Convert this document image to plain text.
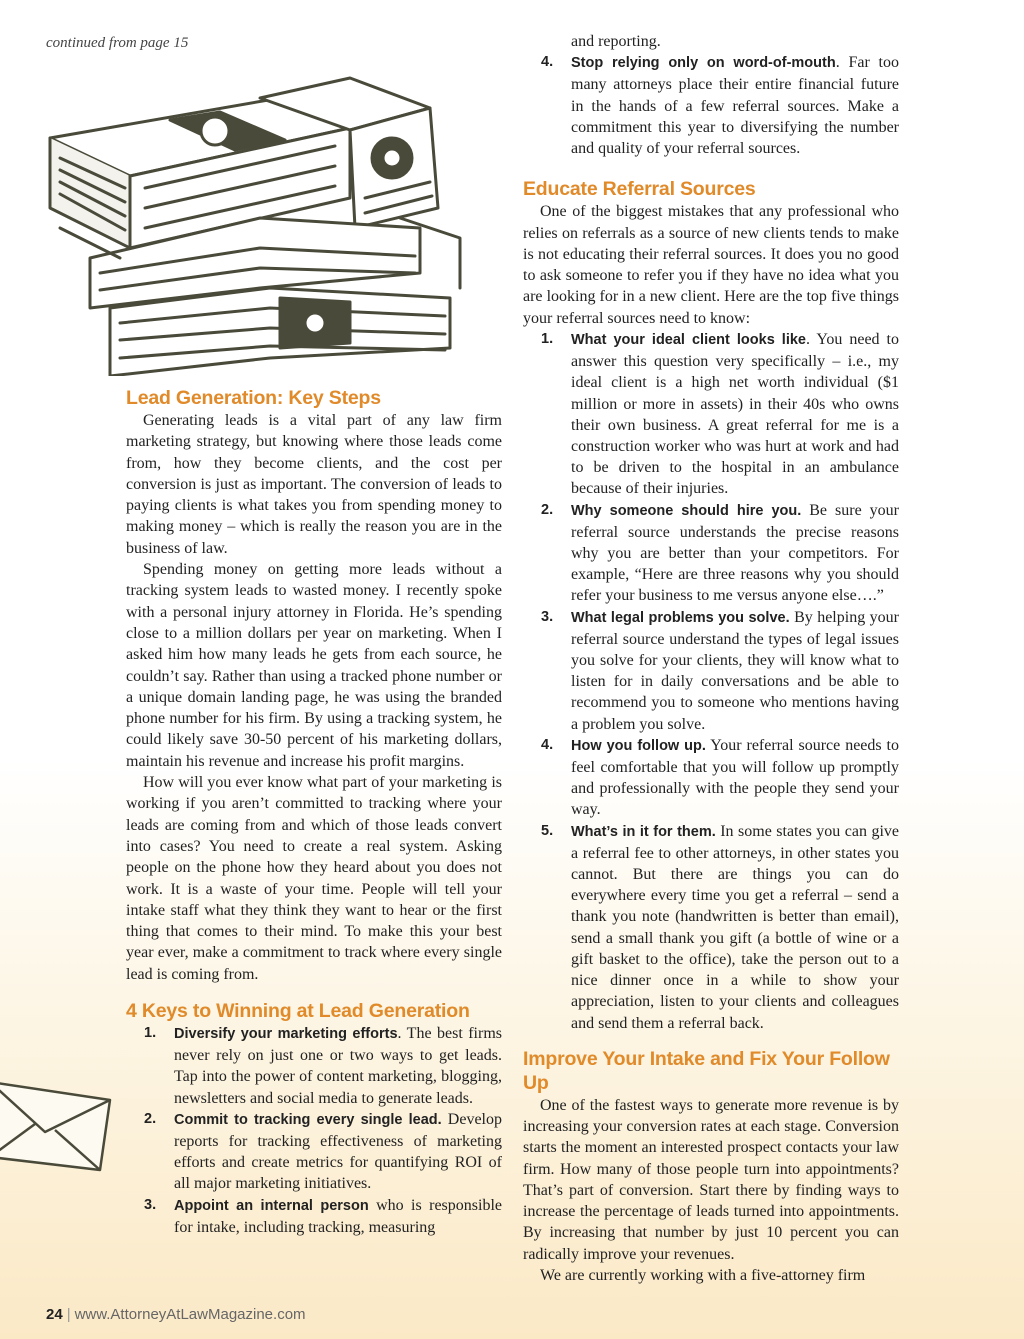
continued from page 15
Lead Generation: Key Steps

Generating leads is a vital part of any law firm marketing strategy, but knowing where those leads come from, how they become clients, and the cost per conversion is just as important. The conversion of leads to paying clients is what takes you from spending money to making money – which is really the reason you are in the business of law.

Spending money on getting more leads without a tracking system leads to wasted money. I recently spoke with a personal injury attorney in Florida. He’s spending close to a million dollars per year on marketing. When I asked him how many leads he gets from each source, he couldn’t say. Rather than using a tracked phone number or a unique domain landing page, he was using the branded phone number for his firm. By using a tracking system, he could likely save 30-50 percent of his marketing dollars, maintain his revenue and increase his profit margins.

How will you ever know what part of your marketing is working if you aren’t committed to tracking where your leads are coming from and which of those leads convert into cases? You need to create a real system. Asking people on the phone how they heard about you does not work. It is a waste of your time. People will tell your intake staff what they think they want to hear or the first thing that comes to their mind. To make this your best year ever, make a commitment to track where every single lead is coming from.

4 Keys to Winning at Lead Generation
1. Diversify your marketing efforts. The best firms never rely on just one or two ways to get leads. Tap into the power of content marketing, blogging, newsletters and social media to generate leads.
2. Commit to tracking every single lead. Develop reports for tracking effectiveness of marketing efforts and create metrics for quantifying ROI of all major marketing initiatives.
3. Appoint an internal person who is responsible for intake, including tracking, measuring
and reporting.
4. Stop relying only on word-of-mouth. Far too many attorneys place their entire financial future in the hands of a few referral sources. Make a commitment this year to diversifying the number and quality of your referral sources.
Educate Referral Sources

One of the biggest mistakes that any professional who relies on referrals as a source of new clients tends to make is not educating their referral sources. It does you no good to ask someone to refer you if they have no idea what you are looking for in a new client. Here are the top five things your referral sources need to know:

1. What your ideal client looks like. You need to answer this question very specifically – i.e., my ideal client is a high net worth individual ($1 million or more in assets) in their 40s who owns their own business. A great referral for me is a construction worker who was hurt at work and had to be driven to the hospital in an ambulance because of their injuries.
2. Why someone should hire you. Be sure your referral source understands the precise reasons why you are better than your competitors. For example, “Here are three reasons why you should refer your business to me versus anyone else….”
3. What legal problems you solve. By helping your referral source understand the types of legal issues you solve for your clients, they will know what to listen for in daily conversations and be able to recommend you to someone who mentions having a problem you solve.
4. How you follow up. Your referral source needs to feel comfortable that you will follow up promptly and professionally with the people they send your way.
5. What’s in it for them. In some states you can give a referral fee to other attorneys, in other states you cannot. But there are things you can do everywhere every time you get a referral – send a thank you note (handwritten is better than email), send a small thank you gift (a bottle of wine or a gift basket to the office), take the person out to a nice dinner once in a while to show your appreciation, listen to your clients and colleagues and send them a referral back.
Improve Your Intake and Fix Your Follow Up

One of the fastest ways to generate more revenue is by increasing your conversion rates at each stage. Conversion starts the moment an interested prospect contacts your law firm. How many of those people turn into appointments? That’s part of conversion. Start there by finding ways to increase the percentage of leads turned into appointments. By increasing that number by just 10 percent you can radically improve your revenues.

We are currently working with a five-attorney firm

24 | www.AttorneyAtLawMagazine.com
